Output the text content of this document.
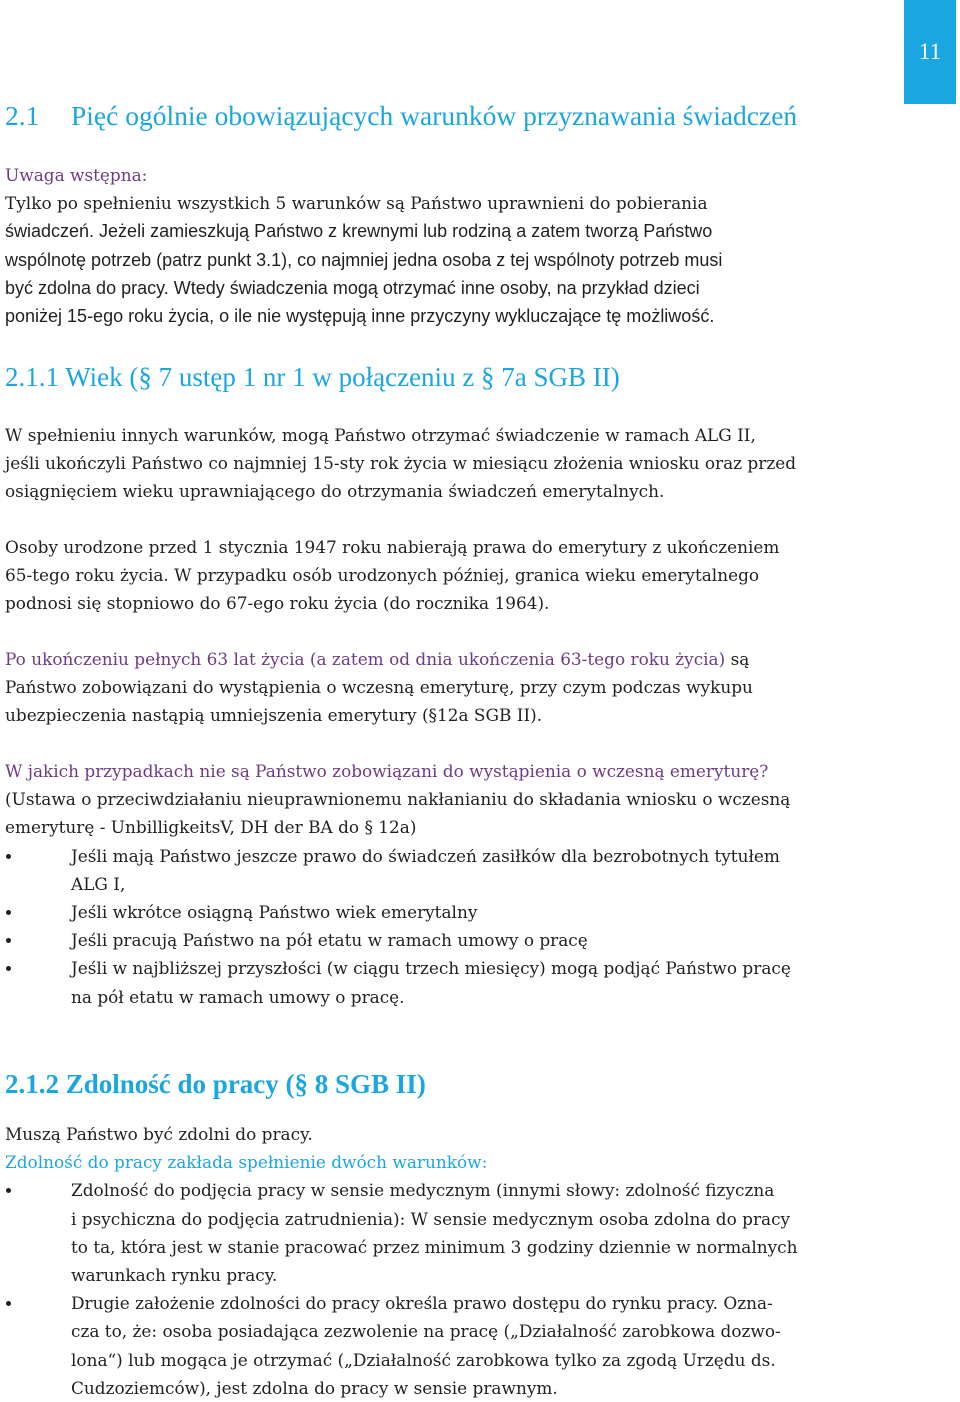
11
2.1 Pięć ogólnie obowiązujących warunków przyznawania świadczeń
Uwaga wstępna:
Tylko po spełnieniu wszystkich 5 warunków są Państwo uprawnieni do pobierania
świadczeń. Jeżeli zamieszkują Państwo z krewnymi lub rodziną a zatem tworzą Państwo
wspólnotę potrzeb (patrz punkt 3.1), co najmniej jedna osoba z tej wspólnoty potrzeb musi
być zdolna do pracy. Wtedy świadczenia mogą otrzymać inne osoby, na przykład dzieci
poniżej 15-ego roku życia, o ile nie występują inne przyczyny wykluczające tę możliwość.
2.1.1 Wiek (§ 7 ustęp 1 nr 1 w połączeniu z § 7a SGB II)
W spełnieniu innych warunków, mogą Państwo otrzymać świadczenie w ramach ALG II,
jeśli ukończyli Państwo co najmniej 15-sty rok życia w miesiącu złożenia wniosku oraz przed
osiągnięciem wieku uprawniającego do otrzymania świadczeń emerytalnych.
Osoby urodzone przed 1 stycznia 1947 roku nabierają prawa do emerytury z ukończeniem
65-tego roku życia. W przypadku osób urodzonych później, granica wieku emerytalnego
podnosi się stopniowo do 67-ego roku życia (do rocznika 1964).
Po ukończeniu pełnych 63 lat życia (a zatem od dnia ukończenia 63-tego roku życia) są
Państwo zobowiązani do wystąpienia o wczesną emeryturę, przy czym podczas wykupu
ubezpieczenia nastąpią umniejszenia emerytury (§12a SGB II).
W jakich przypadkach nie są Państwo zobowiązani do wystąpienia o wczesną emeryturę?
(Ustawa o przeciwdziałaniu nieuprawnionemu nakłanianiu do składania wniosku o wczesną
emeryturę - UnbilligkeitsV, DH der BA do § 12a)
Jeśli mają Państwo jeszcze prawo do świadczeń zasiłków dla bezrobotnych tytułem
ALG I,
Jeśli wkrótce osiągną Państwo wiek emerytalny
Jeśli pracują Państwo na pół etatu w ramach umowy o pracę
Jeśli w najbliższej przyszłości (w ciągu trzech miesięcy) mogą podjąć Państwo pracę
na pół etatu w ramach umowy o pracę.
2.1.2 Zdolność do pracy (§ 8 SGB II)
Muszą Państwo być zdolni do pracy.
Zdolność do pracy zakłada spełnienie dwóch warunków:
Zdolność do podjęcia pracy w sensie medycznym (innymi słowy: zdolność fizyczna
i psychiczna do podjęcia zatrudnienia): W sensie medycznym osoba zdolna do pracy
to ta, która jest w stanie pracować przez minimum 3 godziny dziennie w normalnych
warunkach rynku pracy.
Drugie założenie zdolności do pracy określa prawo dostępu do rynku pracy. Ozna-
cza to, że: osoba posiadająca zezwolenie na pracę („Działalność zarobkowa dozwo-
lona“) lub mogąca je otrzymać („Działalność zarobkowa tylko za zgodą Urzędu ds.
Cudzoziemców), jest zdolna do pracy w sensie prawnym.
